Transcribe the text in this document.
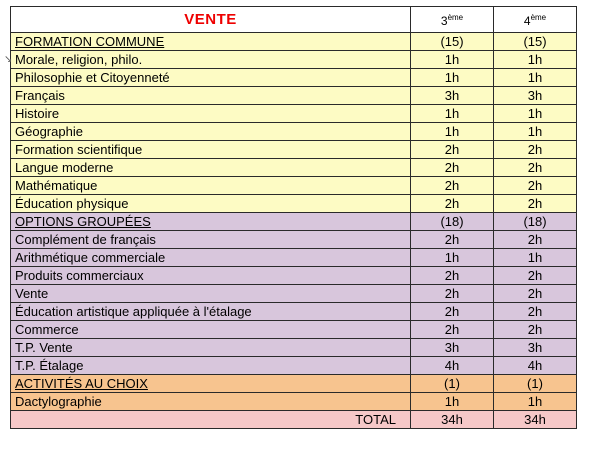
VENTE	3ème	4ème
FORMATION COMMUNE	(15)	(15)
Morale, religion, philo.	1h	1h
Philosophie et Citoyenneté	1h	1h
Français	3h	3h
Histoire	1h	1h
Géographie	1h	1h
Formation scientifique	2h	2h
Langue moderne	2h	2h
Mathématique	2h	2h
Éducation physique	2h	2h
OPTIONS GROUPÉES	(18)	(18)
Complément de français	2h	2h
Arithmétique commerciale	1h	1h
Produits commerciaux	2h	2h
Vente	2h	2h
Éducation artistique appliquée à l'étalage	2h	2h
Commerce	2h	2h
T.P. Vente	3h	3h
T.P. Étalage	4h	4h
ACTIVITÉS AU CHOIX	(1)	(1)
Dactylographie	1h	1h
TOTAL	34h	34h
↘
